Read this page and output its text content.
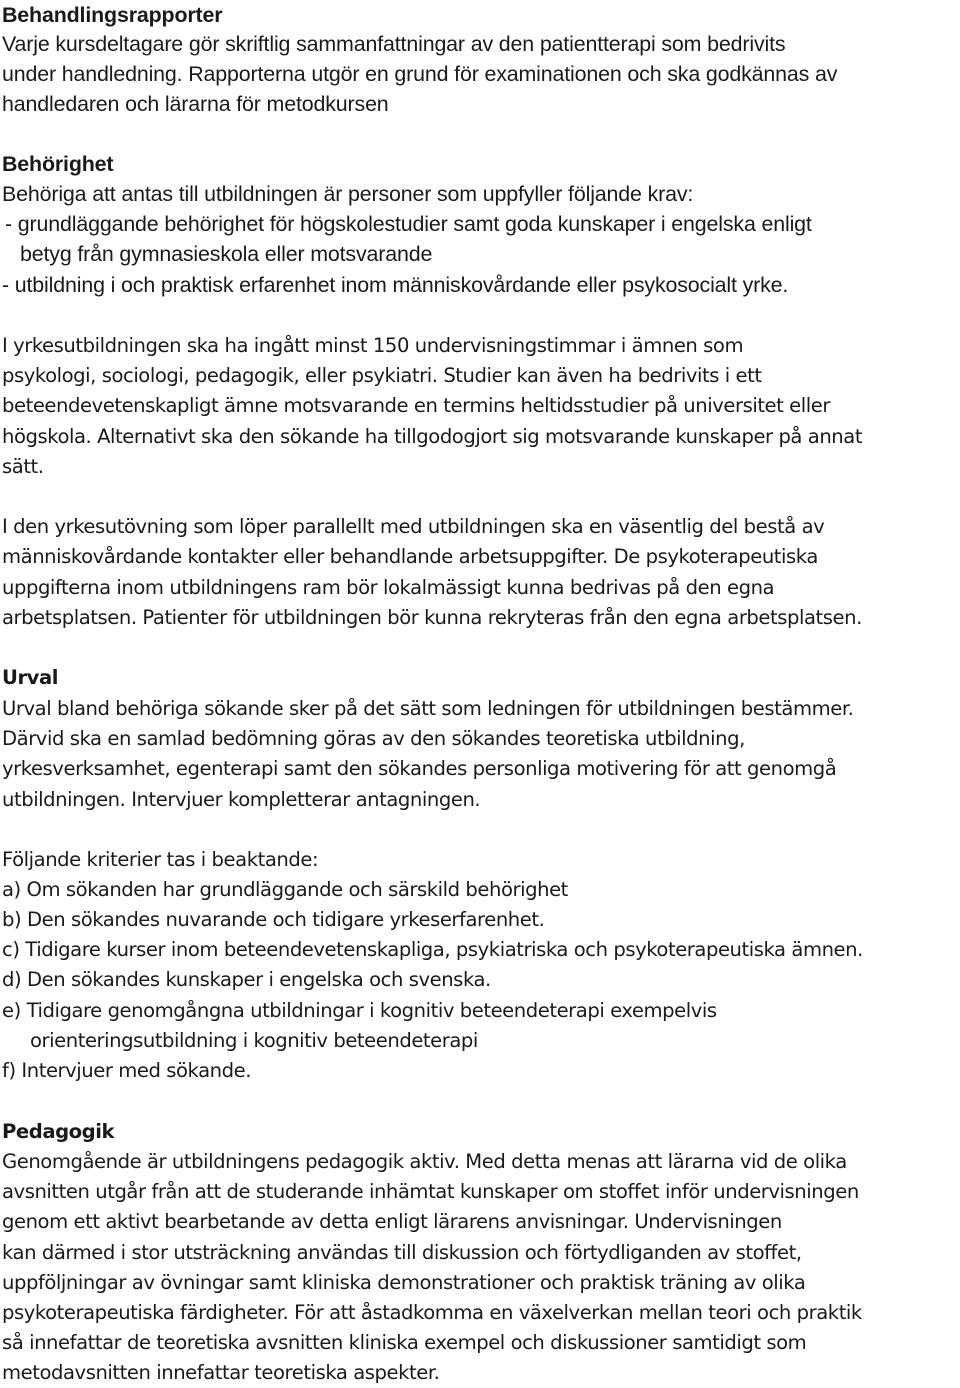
Behandlingsrapporter
Varje kursdeltagare gör skriftlig sammanfattningar av den patientterapi som bedrivits
under handledning. Rapporterna utgör en grund för examinationen och ska godkännas av
handledaren och lärarna för metodkursen
Behörighet
Behöriga att antas till utbildningen är personer som uppfyller följande krav:
- grundläggande behörighet för högskolestudier samt goda kunskaper i engelska enligt
betyg från gymnasieskola eller motsvarande
- utbildning i och praktisk erfarenhet inom människovårdande eller psykosocialt yrke.
I yrkesutbildningen ska ha ingått minst 150 undervisningstimmar i ämnen som
psykologi, sociologi, pedagogik, eller psykiatri. Studier kan även ha bedrivits i ett
beteendevetenskapligt ämne motsvarande en termins heltidsstudier på universitet eller
högskola. Alternativt ska den sökande ha tillgodogjort sig motsvarande kunskaper på annat
sätt.
I den yrkesutövning som löper parallellt med utbildningen ska en väsentlig del bestå av
människovårdande kontakter eller behandlande arbetsuppgifter. De psykoterapeutiska
uppgifterna inom utbildningens ram bör lokalmässigt kunna bedrivas på den egna
arbetsplatsen. Patienter för utbildningen bör kunna rekryteras från den egna arbetsplatsen.
Urval
Urval bland behöriga sökande sker på det sätt som ledningen för utbildningen bestämmer.
Därvid ska en samlad bedömning göras av den sökandes teoretiska utbildning,
yrkesverksamhet, egenterapi samt den sökandes personliga motivering för att genomgå
utbildningen. Intervjuer kompletterar antagningen.
Följande kriterier tas i beaktande:
a) Om sökanden har grundläggande och särskild behörighet
b) Den sökandes nuvarande och tidigare yrkeserfarenhet.
c) Tidigare kurser inom beteendevetenskapliga, psykiatriska och psykoterapeutiska ämnen.
d) Den sökandes kunskaper i engelska och svenska.
e) Tidigare genomgångna utbildningar i kognitiv beteendeterapi exempelvis
orienteringsutbildning i kognitiv beteendeterapi
f) Intervjuer med sökande.
Pedagogik
Genomgående är utbildningens pedagogik aktiv. Med detta menas att lärarna vid de olika
avsnitten utgår från att de studerande inhämtat kunskaper om stoffet inför undervisningen
genom ett aktivt bearbetande av detta enligt lärarens anvisningar. Undervisningen
kan därmed i stor utsträckning användas till diskussion och förtydliganden av stoffet,
uppföljningar av övningar samt kliniska demonstrationer och praktisk träning av olika
psykoterapeutiska färdigheter. För att åstadkomma en växelverkan mellan teori och praktik
så innefattar de teoretiska avsnitten kliniska exempel och diskussioner samtidigt som
metodavsnitten innefattar teoretiska aspekter.
